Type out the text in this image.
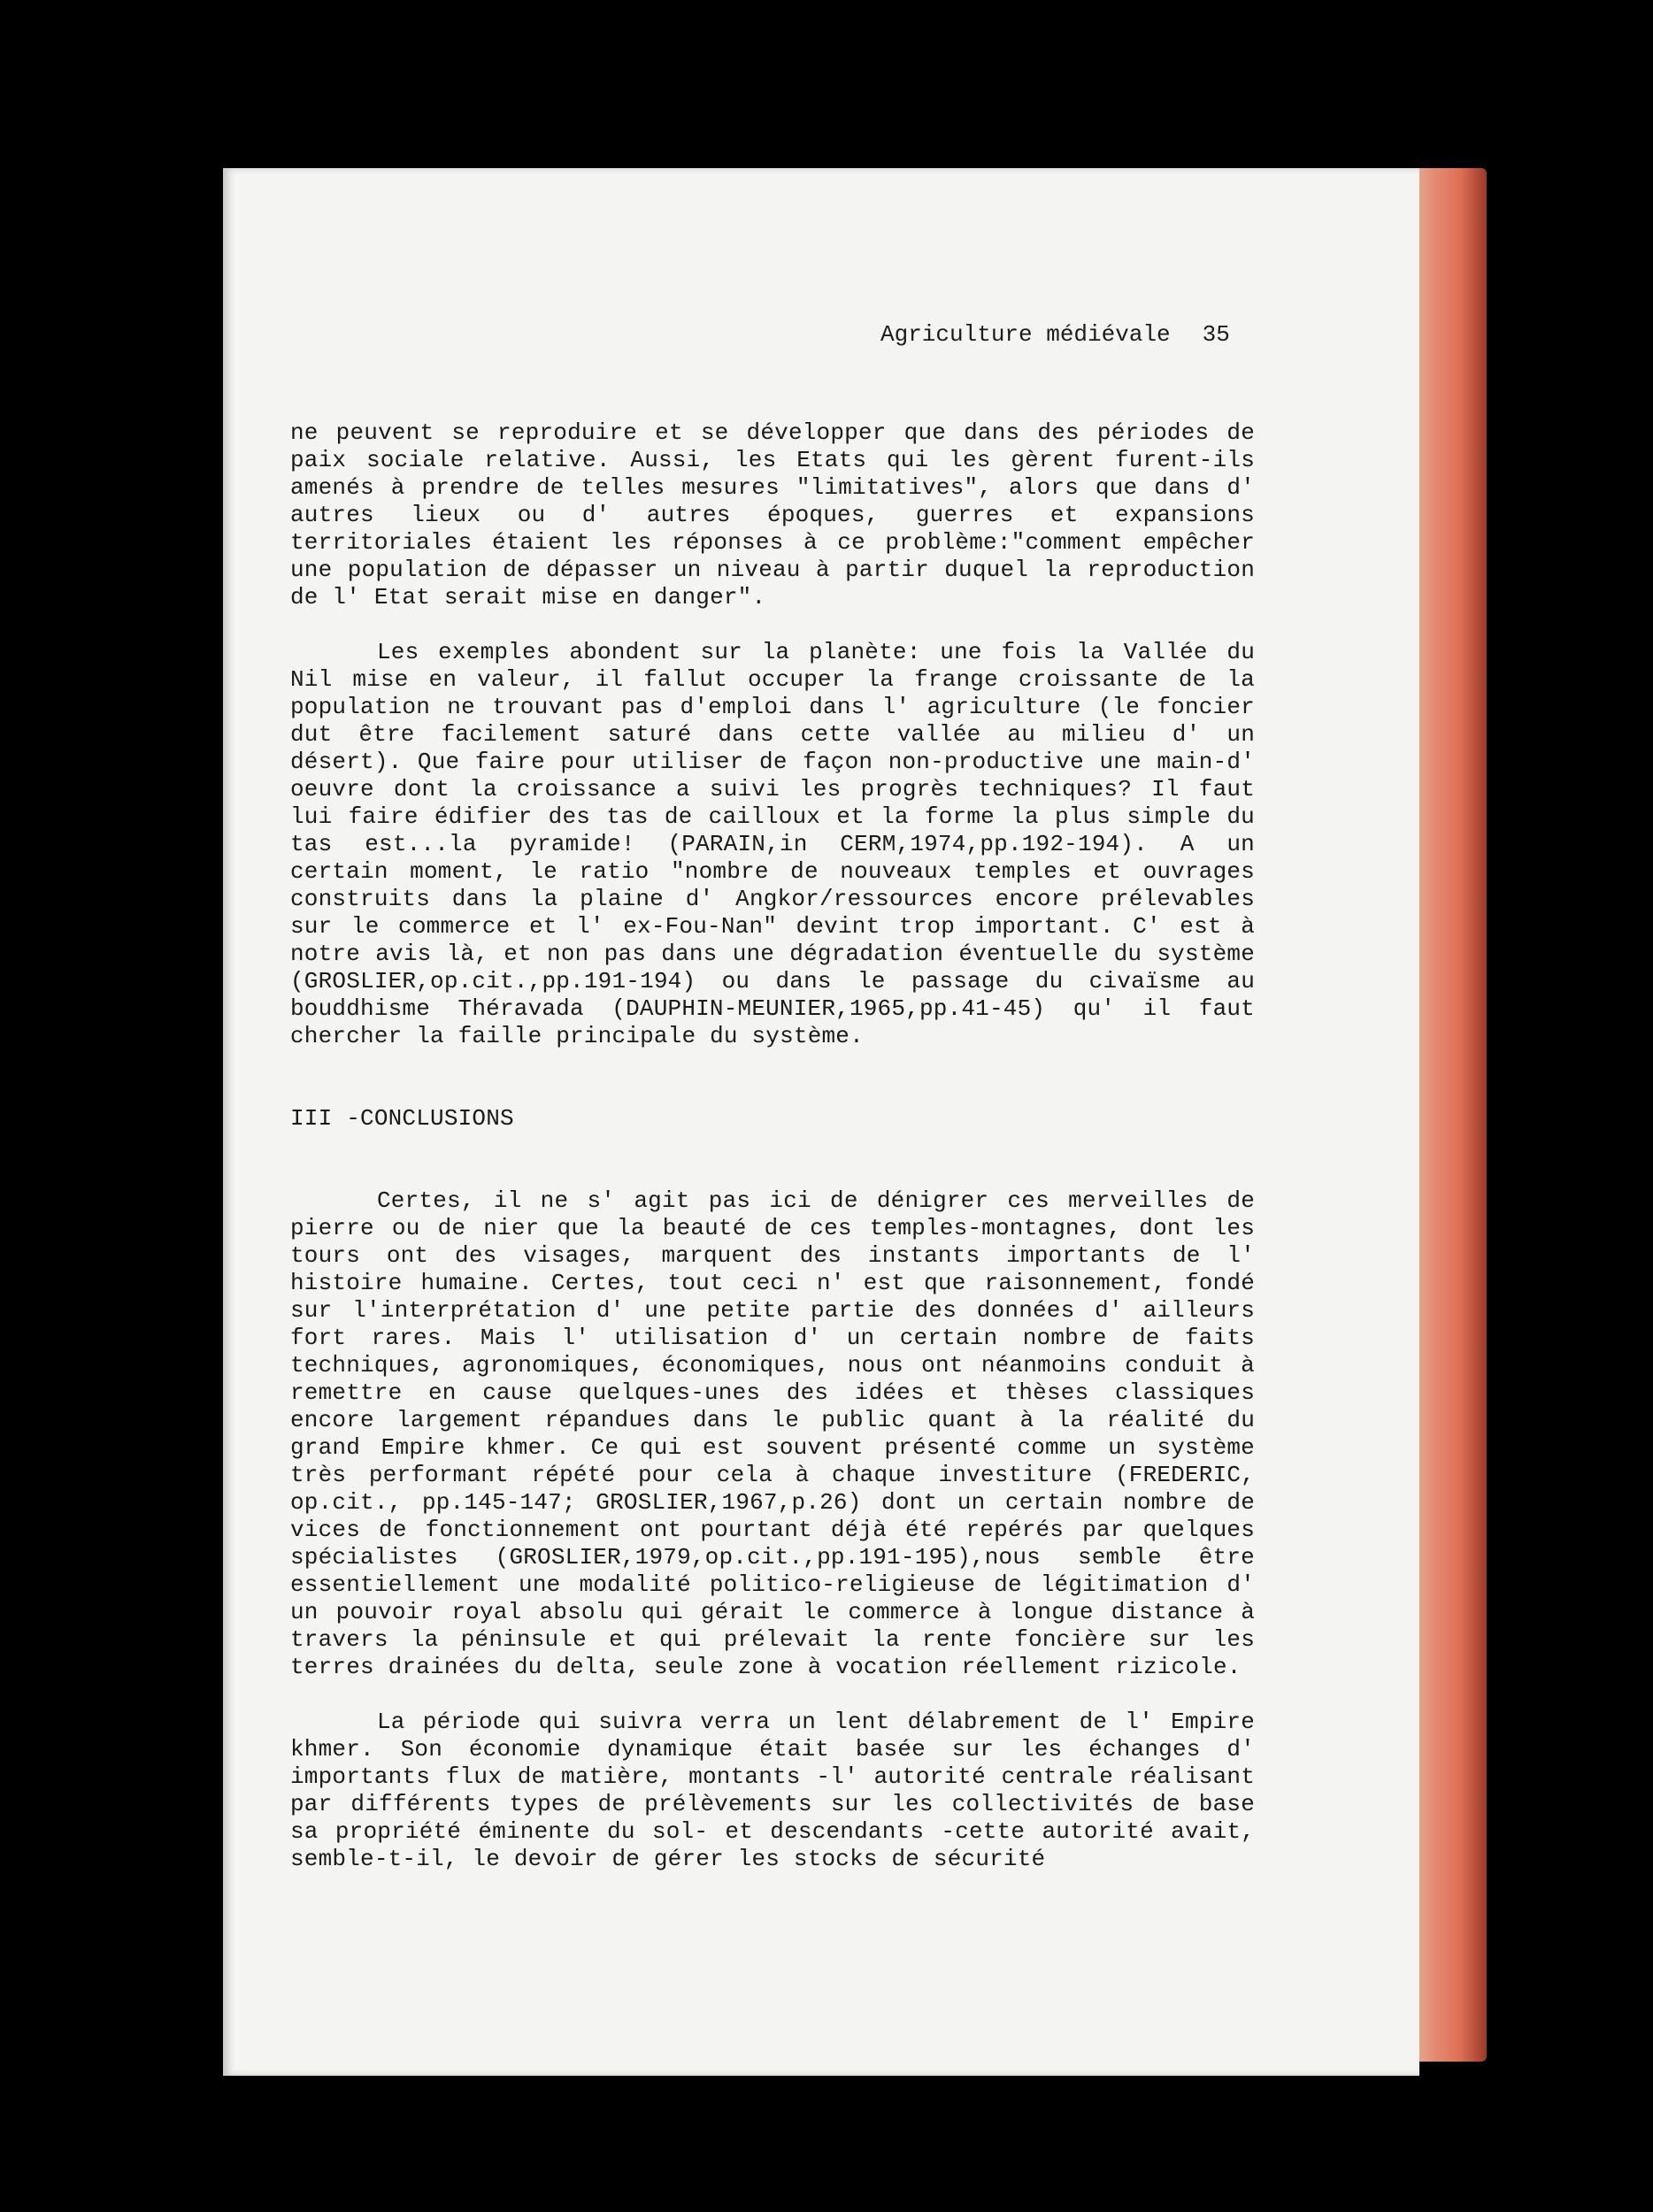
Agriculture médiévale 35

ne peuvent se reproduire et se développer que dans des périodes de paix sociale relative. Aussi, les Etats qui les gèrent furent-ils amenés à prendre de telles mesures "limitatives", alors que dans d' autres lieux ou d' autres époques, guerres et expansions territoriales étaient les réponses à ce problème:"comment empêcher une population de dépasser un niveau à partir duquel la reproduction de l' Etat serait mise en danger".

Les exemples abondent sur la planète: une fois la Vallée du Nil mise en valeur, il fallut occuper la frange croissante de la population ne trouvant pas d'emploi dans l' agriculture (le foncier dut être facilement saturé dans cette vallée au milieu d' un désert). Que faire pour utiliser de façon non-productive une main-d' oeuvre dont la croissance a suivi les progrès techniques? Il faut lui faire édifier des tas de cailloux et la forme la plus simple du tas est...la pyramide! (PARAIN,in CERM,1974,pp.192-194). A un certain moment, le ratio "nombre de nouveaux temples et ouvrages construits dans la plaine d' Angkor/ressources encore prélevables sur le commerce et l' ex-Fou-Nan" devint trop important. C' est à notre avis là, et non pas dans une dégradation éventuelle du système (GROSLIER,op.cit.,pp.191-194) ou dans le passage du civaïsme au bouddhisme Théravada (DAUPHIN-MEUNIER,1965,pp.41-45) qu' il faut chercher la faille principale du système.

III -CONCLUSIONS

Certes, il ne s' agit pas ici de dénigrer ces merveilles de pierre ou de nier que la beauté de ces temples-montagnes, dont les tours ont des visages, marquent des instants importants de l' histoire humaine. Certes, tout ceci n' est que raisonnement, fondé sur l'interprétation d' une petite partie des données d' ailleurs fort rares. Mais l' utilisation d' un certain nombre de faits techniques, agronomiques, économiques, nous ont néanmoins conduit à remettre en cause quelques-unes des idées et thèses classiques encore largement répandues dans le public quant à la réalité du grand Empire khmer. Ce qui est souvent présenté comme un système très performant répété pour cela à chaque investiture (FREDERIC, op.cit., pp.145-147; GROSLIER,1967,p.26) dont un certain nombre de vices de fonctionnement ont pourtant déjà été repérés par quelques spécialistes (GROSLIER,1979,op.cit.,pp.191-195),nous semble être essentiellement une modalité politico-religieuse de légitimation d' un pouvoir royal absolu qui gérait le commerce à longue distance à travers la péninsule et qui prélevait la rente foncière sur les terres drainées du delta, seule zone à vocation réellement rizicole.

La période qui suivra verra un lent délabrement de l' Empire khmer. Son économie dynamique était basée sur les échanges d' importants flux de matière, montants -l' autorité centrale réalisant par différents types de prélèvements sur les collectivités de base sa propriété éminente du sol- et descendants -cette autorité avait, semble-t-il, le devoir de gérer les stocks de sécurité
